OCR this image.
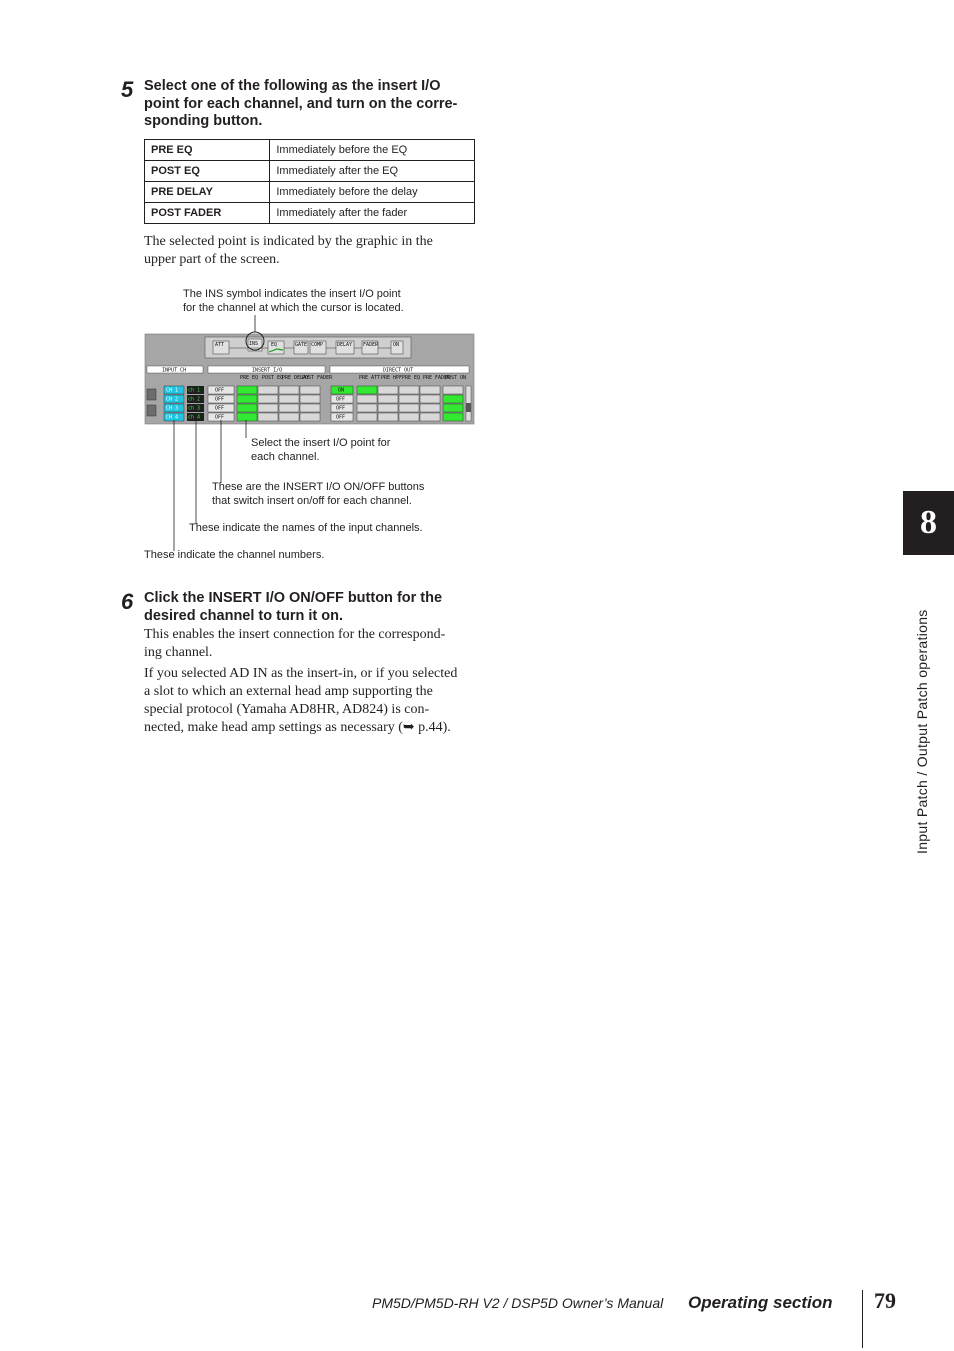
5 Select one of the following as the insert I/O
point for each channel, and turn on the corre-
sponding button.
PRE EQ	Immediately before the EQ
POST EQ	Immediately after the EQ
PRE DELAY	Immediately before the delay
POST FADER	Immediately after the fader
The selected point is indicated by the graphic in the
upper part of the screen.
The INS symbol indicates the insert I/O point
for the channel at which the cursor is located.
ATT	INS	EQ	GATE COMP	DELAY FADER	ON
INPUT CH	INSERT I/O	DIRECT OUT
PRE EQ POST EQ
PRE DELAY
POST FADER	PRE ATT PRE HPF PRE EQ PRE FADER
POST ON
CH 1 ch 1	OFF
CH 2 ch 2	OFF
CH 3 ch 3	OFF
CH 4 ch 4	OFF
ON
OFF
OFF
OFF
Select the insert I/O point for
each channel.
These are the INSERT I/O ON/OFF buttons
that switch insert on/off for each channel.
These indicate the names of the input channels.
These indicate the channel numbers.
6 Click the INSERT I/O ON/OFF button for the
desired channel to turn it on.
This enables the insert connection for the correspond-
ing channel.
If you selected AD IN as the insert-in, or if you selected
a slot to which an external head amp supporting the
special protocol (Yamaha AD8HR, AD824) is con-
nected, make head amp settings as necessary (➥ p.44).
8
Input Patch / Output Patch operations
PM5D/PM5D-RH V2 / DSP5D Owner’s Manual Operating section 79
